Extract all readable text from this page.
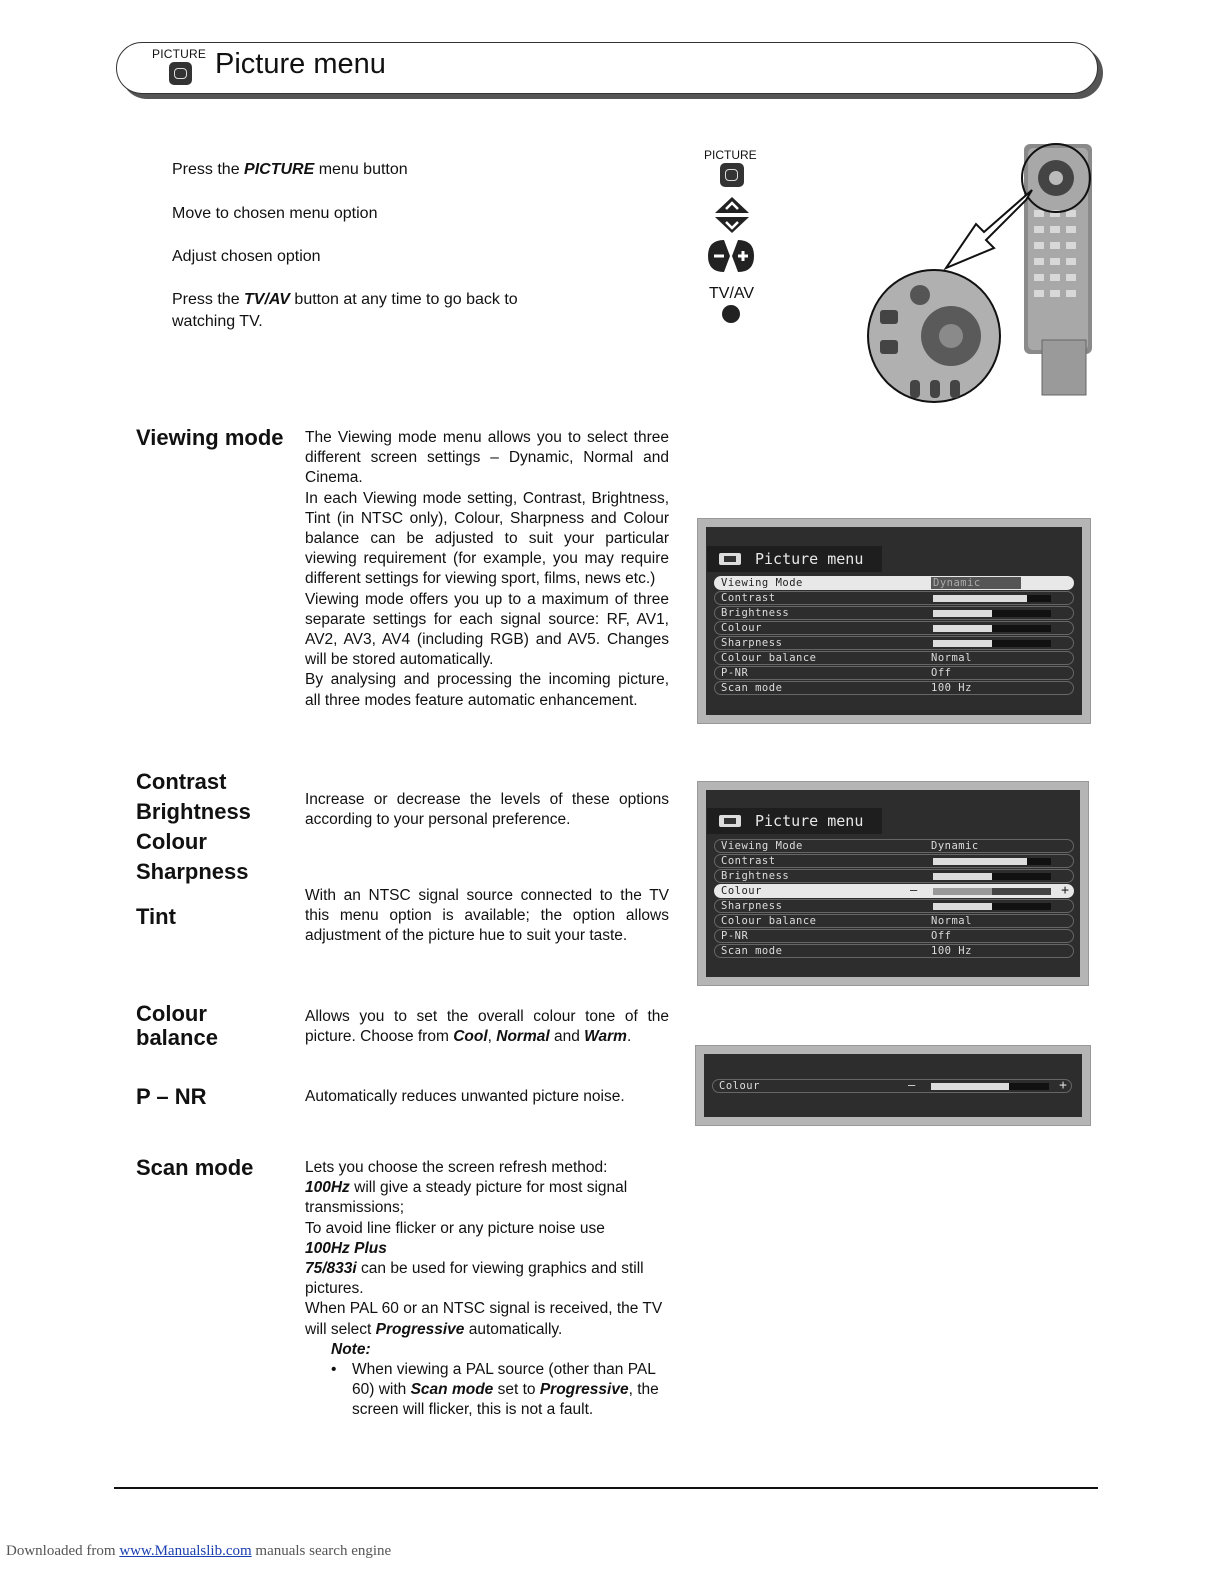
PICTURE Picture menu
Press the PICTURE menu button
Move to chosen menu option
Adjust chosen option
Press the TV/AV button at any time to go back to
watching TV.
PICTURE
TV/AV
Viewing mode The Viewing mode menu allows you to select three different screen settings – Dynamic, Normal and Cinema.

In each Viewing mode setting, Contrast, Brightness, Tint (in NTSC only), Colour, Sharpness and Colour balance can be adjusted to suit your particular viewing requirement (for example, you may require different settings for viewing sport, films, news etc.)

Viewing mode offers you up to a maximum of three separate settings for each signal source: RF, AV1, AV2, AV3, AV4 (including RGB) and AV5. Changes will be stored automatically.

By analysing and processing the incoming picture, all three modes feature automatic enhancement.

Contrast
Brightness
Colour
Sharpness
Increase or decrease the levels of these options according to your personal preference.
Tint
With an NTSC signal source connected to the TV this menu option is available; the option allows adjustment of the picture hue to suit your taste.
Colour
balance
Allows you to set the overall colour tone of the picture. Choose from Cool, Normal and Warm.
P – NR	Automatically reduces unwanted picture noise.
Scan mode	Lets you choose the screen refresh method:

100Hz will give a steady picture for most signal transmissions;

To avoid line flicker or any picture noise use

100Hz Plus

75/833i can be used for viewing graphics and still pictures.

When PAL 60 or an NTSC signal is received, the TV will select Progressive automatically.

Note:

• When viewing a PAL source (other than PAL 60) with Scan mode set to Progressive, the screen will flicker, this is not a fault.
Picture menu
Viewing Mode	Dynamic
Contrast
Brightness
Colour
Sharpness
Colour balance	Normal
P-NR	Off
Scan mode	100 Hz
Picture menu
Viewing Mode	Dynamic
Contrast
Brightness
Colour	—	+
Sharpness
Colour balance	Normal
P-NR	Off
Scan mode	100 Hz
Colour	—	+
Downloaded from www.Manualslib.com manuals search engine
